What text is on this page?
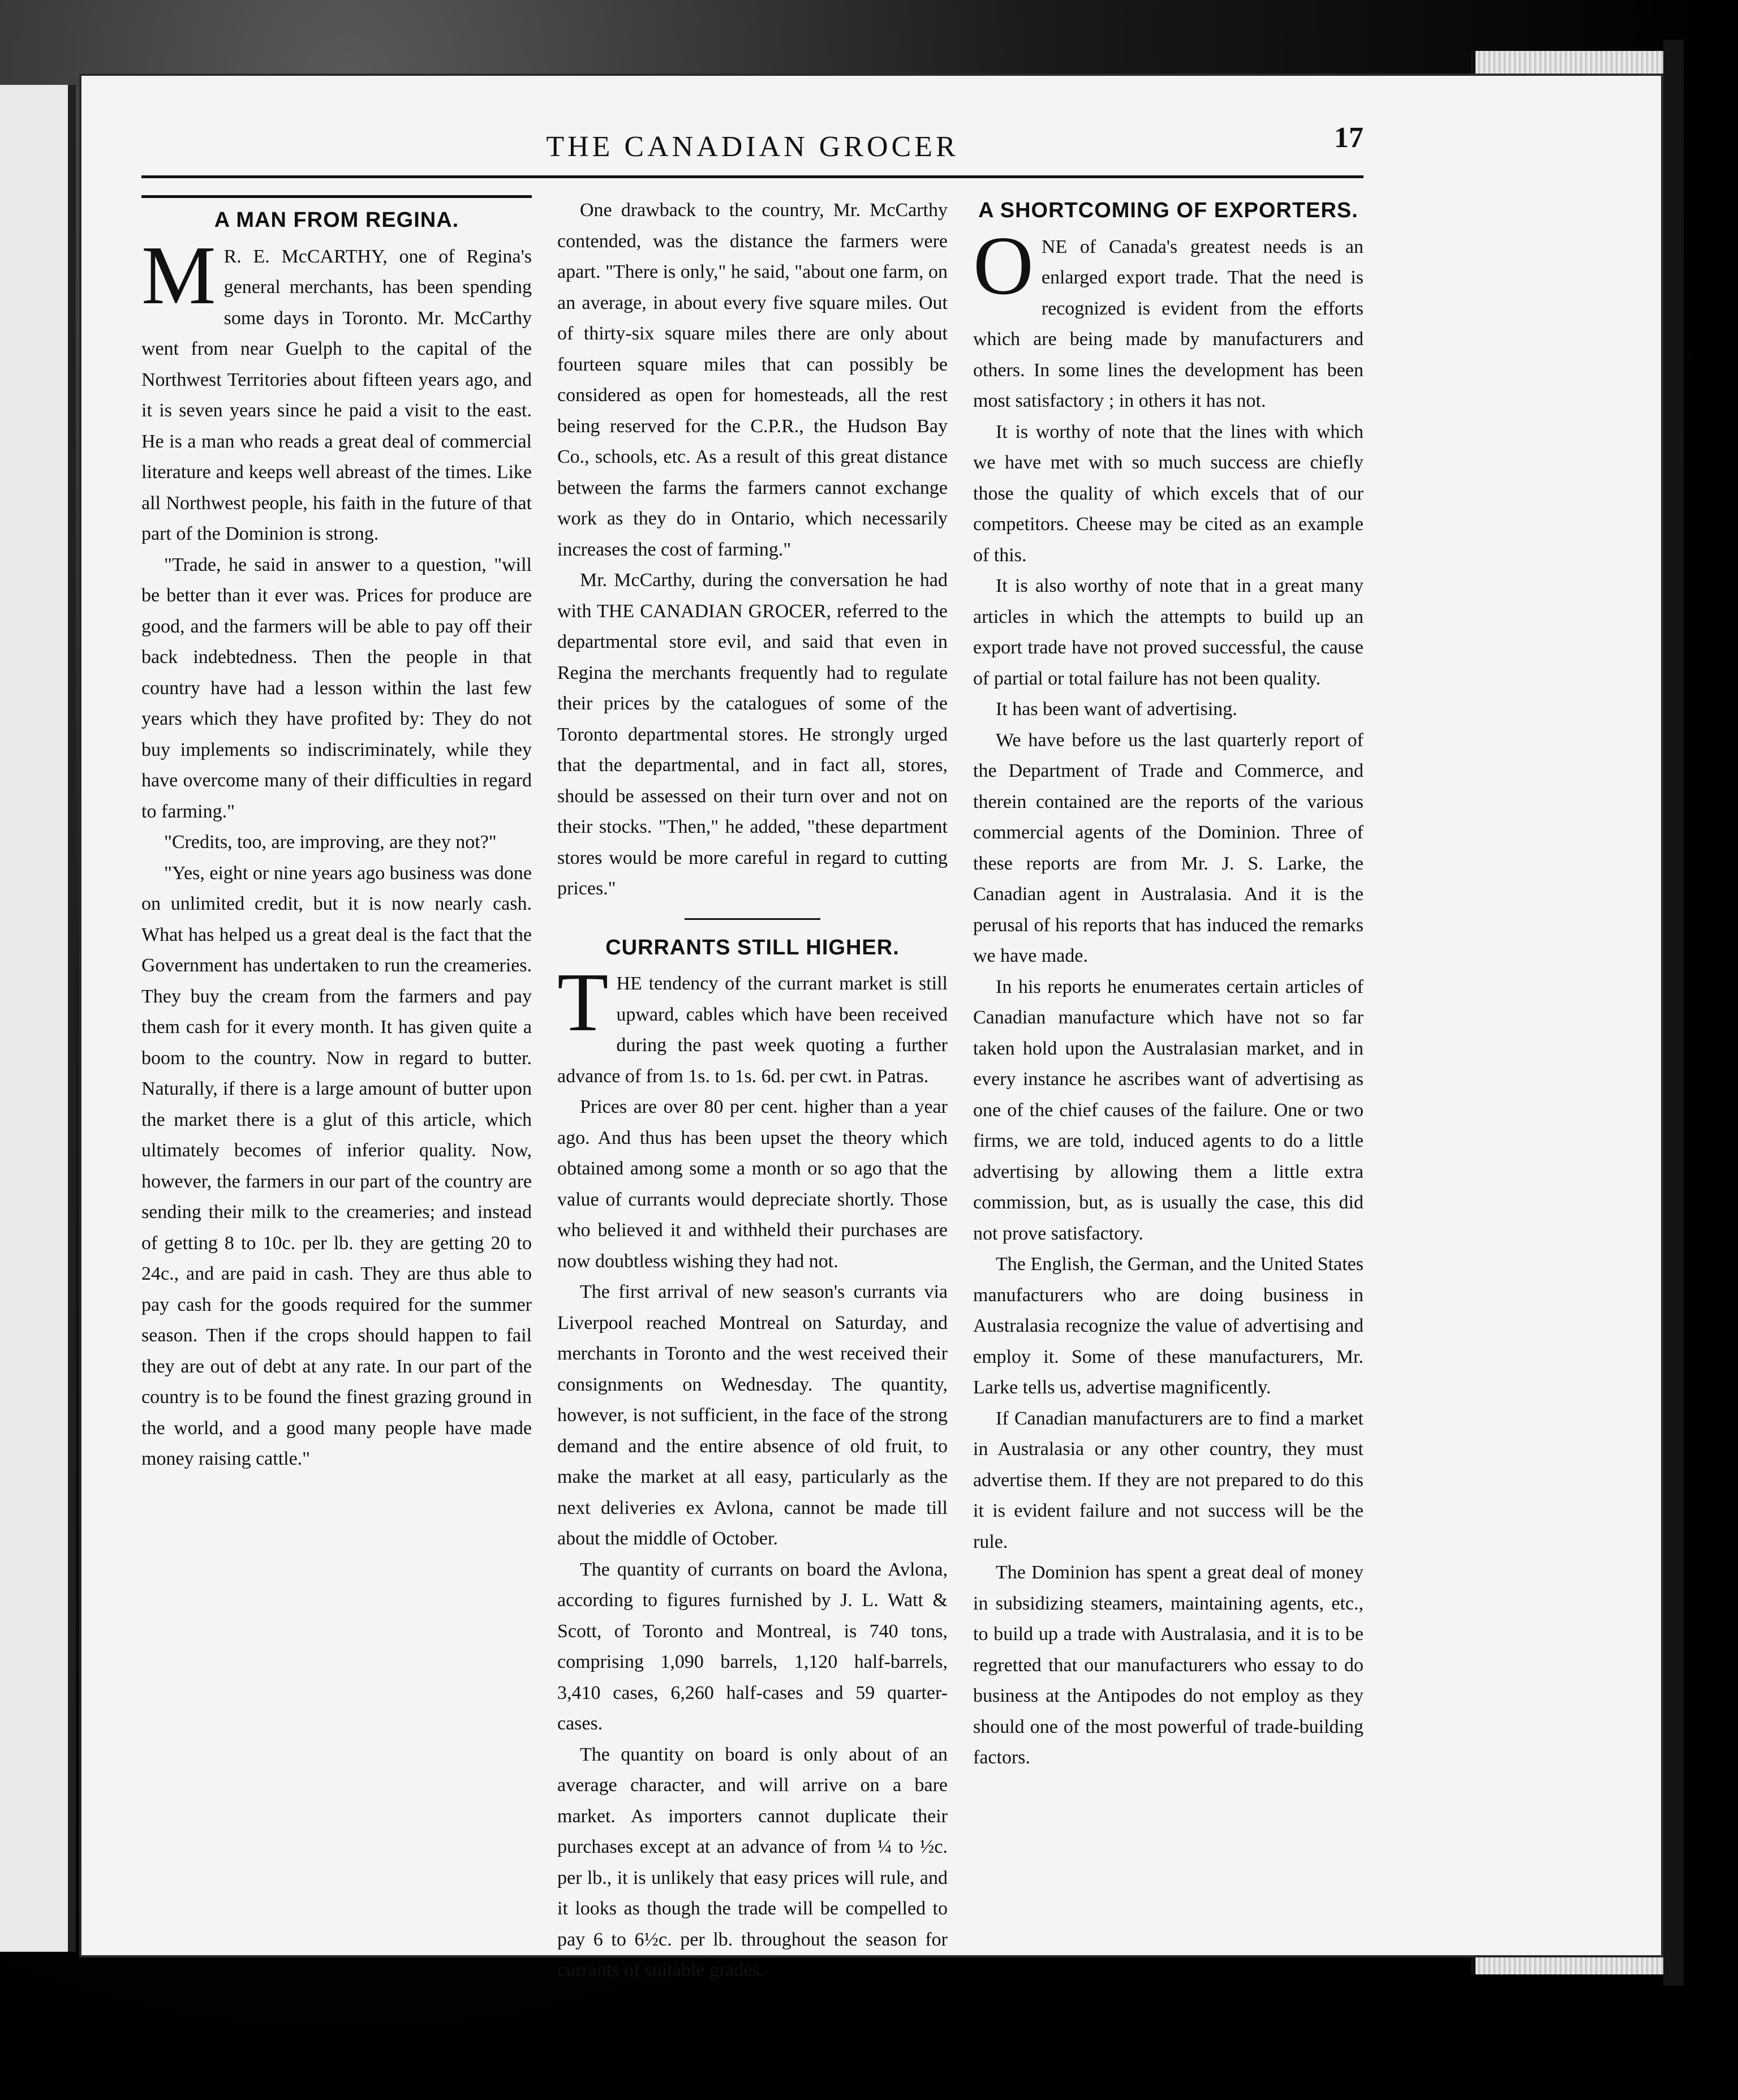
THE CANADIAN GROCER	17
A MAN FROM REGINA.

M R. E. McCARTHY, one of Regina's general merchants, has been spending some days in Toronto. Mr. McCarthy went from near Guelph to the capital of the Northwest Territories about fifteen years ago, and it is seven years since he paid a visit to the east. He is a man who reads a great deal of commercial literature and keeps well abreast of the times. Like all Northwest people, his faith in the future of that part of the Dominion is strong.

"Trade, he said in answer to a question, "will be better than it ever was. Prices for produce are good, and the farmers will be able to pay off their back indebtedness. Then the people in that country have had a lesson within the last few years which they have profited by: They do not buy implements so indiscriminately, while they have overcome many of their difficulties in regard to farming."

"Credits, too, are improving, are they not?"

"Yes, eight or nine years ago business was done on unlimited credit, but it is now nearly cash. What has helped us a great deal is the fact that the Government has undertaken to run the creameries. They buy the cream from the farmers and pay them cash for it every month. It has given quite a boom to the country. Now in regard to butter. Naturally, if there is a large amount of butter upon the market there is a glut of this article, which ultimately becomes of inferior quality. Now, however, the farmers in our part of the country are sending their milk to the creameries; and instead of getting 8 to 10c. per lb. they are getting 20 to 24c., and are paid in cash. They are thus able to pay cash for the goods required for the summer season. Then if the crops should happen to fail they are out of debt at any rate. In our part of the country is to be found the finest grazing ground in the world, and a good many people have made money raising cattle."

One drawback to the country, Mr. McCarthy contended, was the distance the farmers were apart. "There is only," he said, "about one farm, on an average, in about every five square miles. Out of thirty-six square miles there are only about fourteen square miles that can possibly be considered as open for homesteads, all the rest being reserved for the C.P.R., the Hudson Bay Co., schools, etc. As a result of this great distance between the farms the farmers cannot exchange work as they do in Ontario, which necessarily increases the cost of farming."

Mr. McCarthy, during the conversation he had with THE CANADIAN GROCER, referred to the departmental store evil, and said that even in Regina the merchants frequently had to regulate their prices by the catalogues of some of the Toronto departmental stores. He strongly urged that the departmental, and in fact all, stores, should be assessed on their turn over and not on their stocks. "Then," he added, "these department stores would be more careful in regard to cutting prices."

CURRANTS STILL HIGHER.

THE tendency of the currant market is still upward, cables which have been received during the past week quoting a further advance of from 1s. to 1s. 6d. per cwt. in Patras.

Prices are over 80 per cent. higher than a year ago. And thus has been upset the theory which obtained among some a month or so ago that the value of currants would depreciate shortly. Those who believed it and withheld their purchases are now doubtless wishing they had not.

The first arrival of new season's currants via Liverpool reached Montreal on Saturday, and merchants in Toronto and the west received their consignments on Wednesday. The quantity, however, is not sufficient, in the face of the strong demand and the entire absence of old fruit, to make the market at all easy, particularly as the next deliveries ex Avlona, cannot be made till about the middle of October.

The quantity of currants on board the Avlona, according to figures furnished by J. L. Watt & Scott, of Toronto and Montreal, is 740 tons, comprising 1,090 barrels, 1,120 half-barrels, 3,410 cases, 6,260 half-cases and 59 quarter-cases.

The quantity on board is only about of an average character, and will arrive on a bare market. As importers cannot duplicate their purchases except at an advance of from ¼ to ½c. per lb., it is unlikely that easy prices will rule, and it looks as though the trade will be compelled to pay 6 to 6½c. per lb. throughout the season for currants of suitable grades.

A SHORTCOMING OF EXPORTERS.

ONE of Canada's greatest needs is an enlarged export trade. That the need is recognized is evident from the efforts which are being made by manufacturers and others. In some lines the development has been most satisfactory ; in others it has not.

It is worthy of note that the lines with which we have met with so much success are chiefly those the quality of which excels that of our competitors. Cheese may be cited as an example of this.

It is also worthy of note that in a great many articles in which the attempts to build up an export trade have not proved successful, the cause of partial or total failure has not been quality.

It has been want of advertising.

We have before us the last quarterly report of the Department of Trade and Commerce, and therein contained are the reports of the various commercial agents of the Dominion. Three of these reports are from Mr. J. S. Larke, the Canadian agent in Australasia. And it is the perusal of his reports that has induced the remarks we have made.

In his reports he enumerates certain articles of Canadian manufacture which have not so far taken hold upon the Australasian market, and in every instance he ascribes want of advertising as one of the chief causes of the failure. One or two firms, we are told, induced agents to do a little advertising by allowing them a little extra commission, but, as is usually the case, this did not prove satisfactory.

The English, the German, and the United States manufacturers who are doing business in Australasia recognize the value of advertising and employ it. Some of these manufacturers, Mr. Larke tells us, advertise magnificently.

If Canadian manufacturers are to find a market in Australasia or any other country, they must advertise them. If they are not prepared to do this it is evident failure and not success will be the rule.

The Dominion has spent a great deal of money in subsidizing steamers, maintaining agents, etc., to build up a trade with Australasia, and it is to be regretted that our manufacturers who essay to do business at the Antipodes do not employ as they should one of the most powerful of trade-building factors.
